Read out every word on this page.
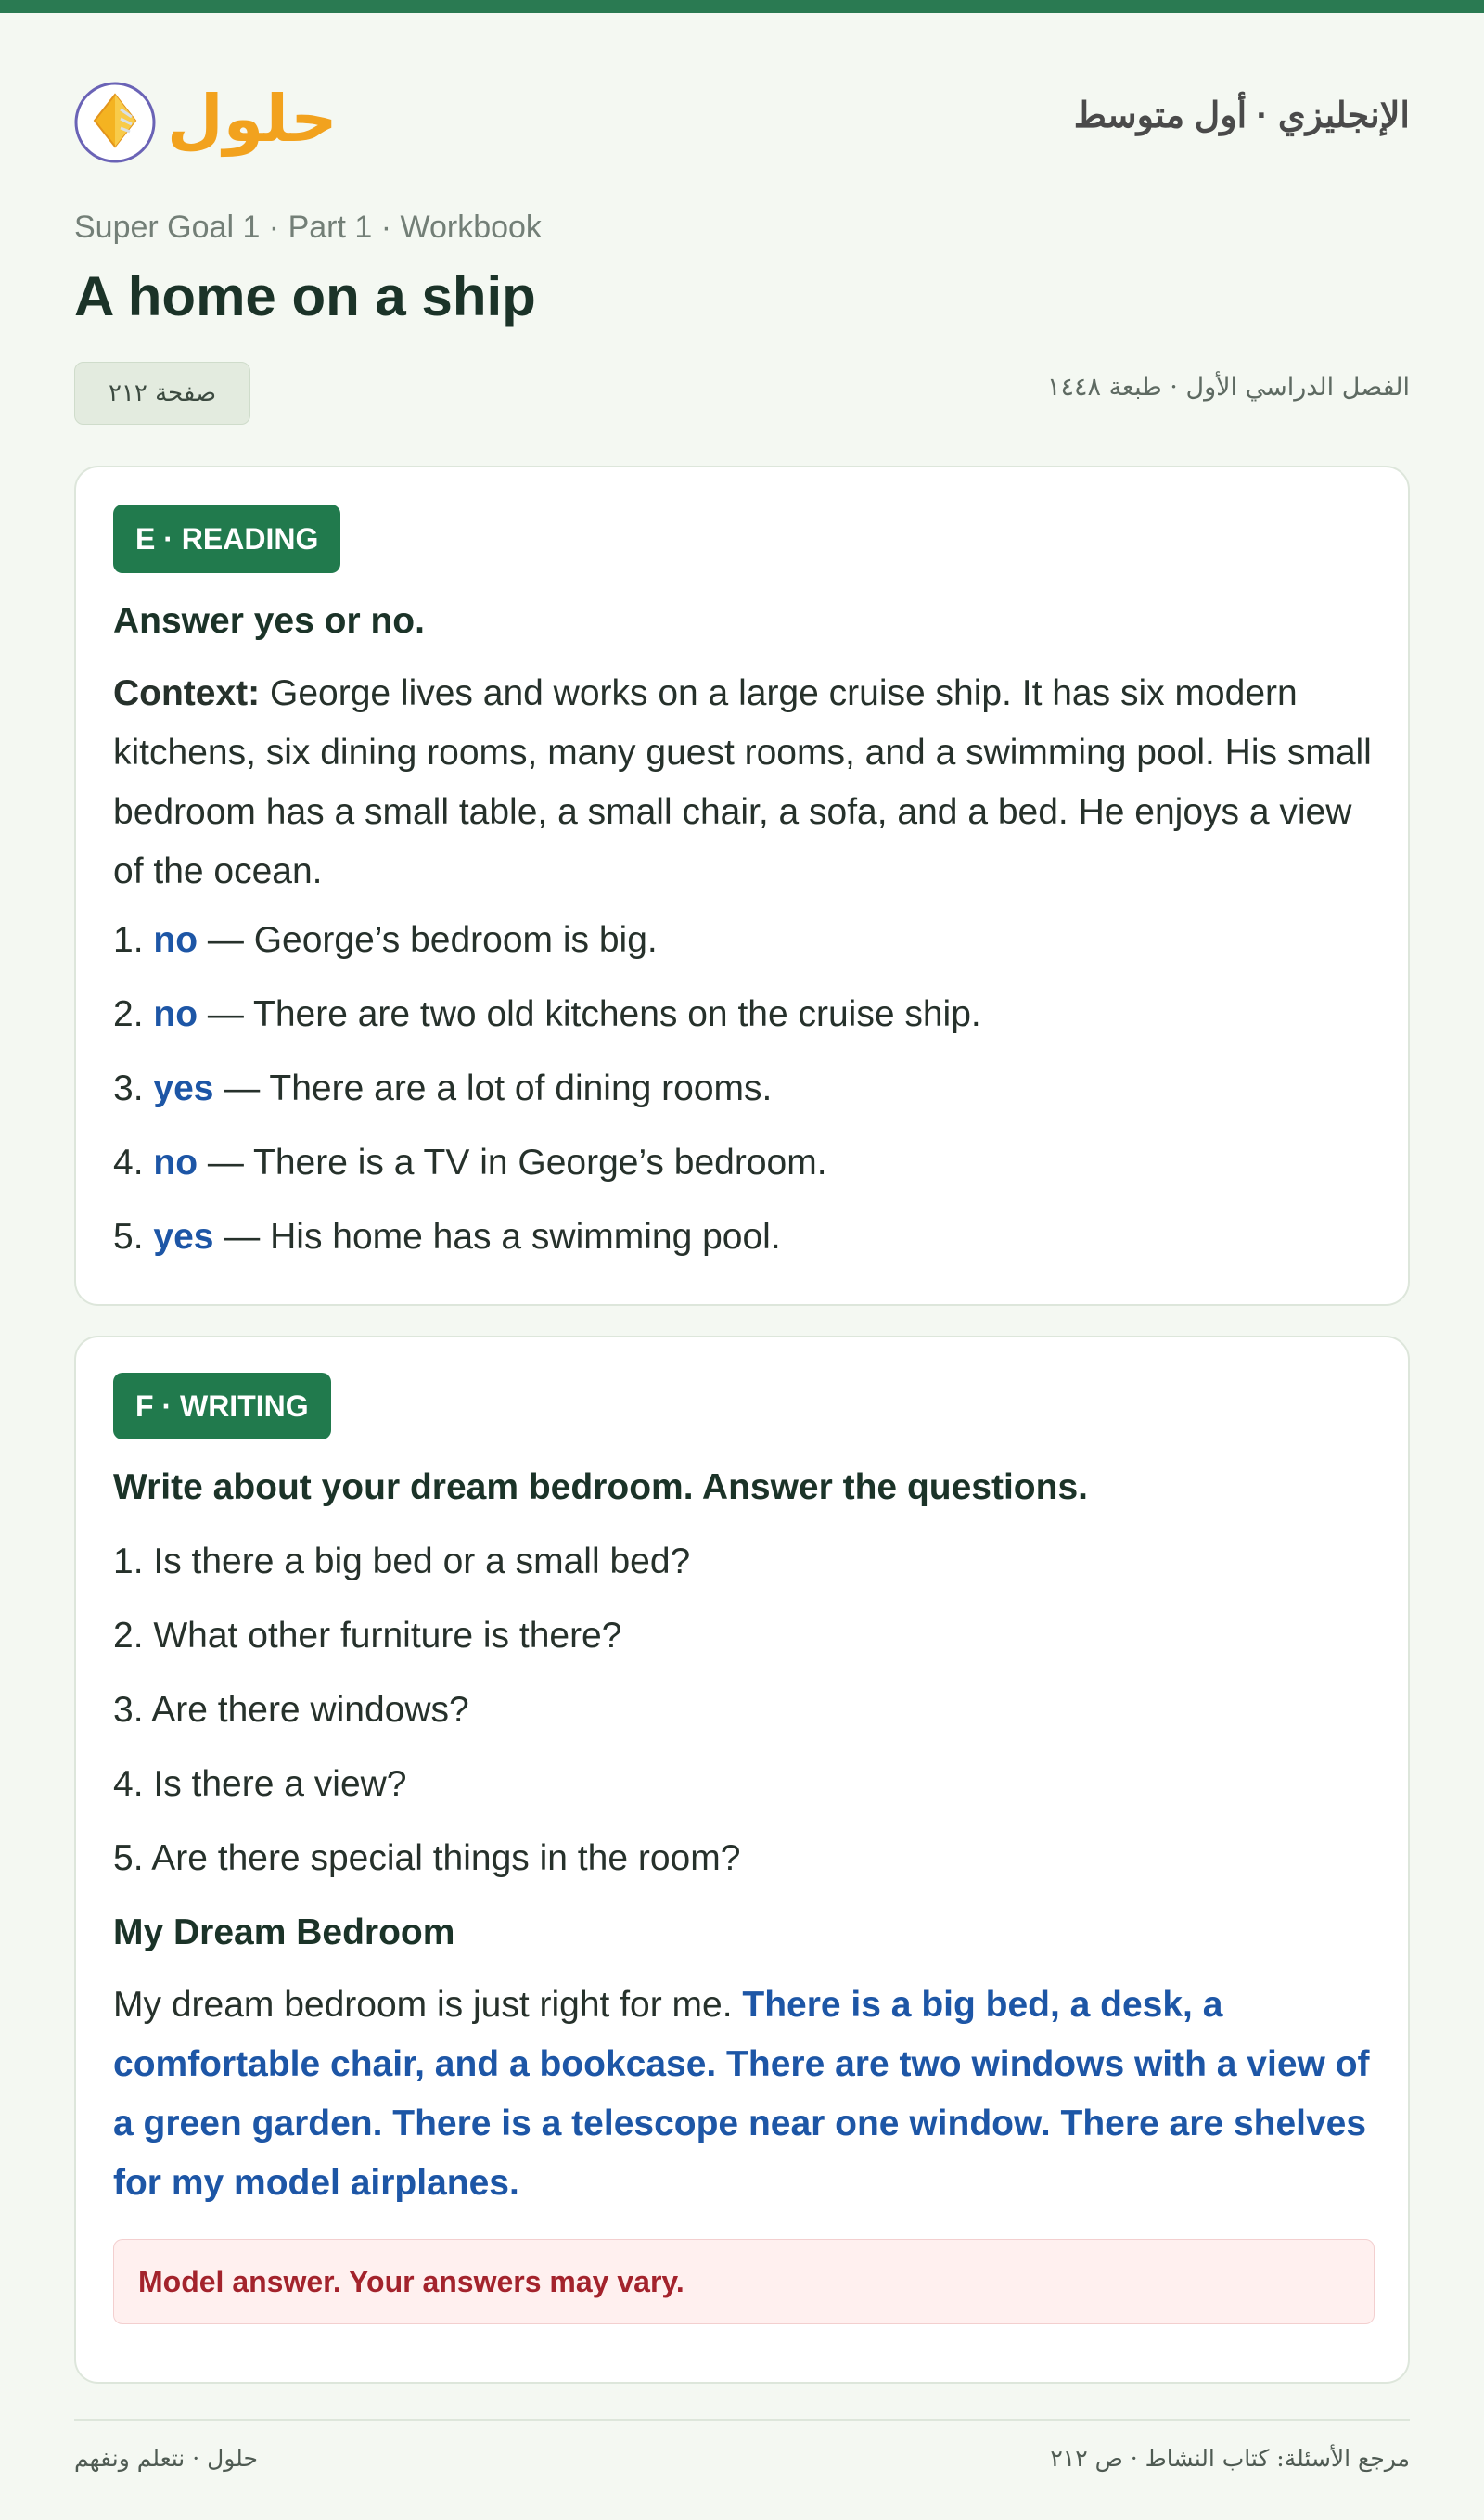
حلول	الإنجليزي · أول متوسط
Super Goal 1 · Part 1 · Workbook
A home on a ship
صفحة ٢١٢	الفصل الدراسي الأول · طبعة ١٤٤٨
E · READING
Answer yes or no.

Context: George lives and works on a large cruise ship. It has six modern kitchens, six dining rooms, many guest rooms, and a swimming pool. His small bedroom has a small table, a small chair, a sofa, and a bed. He enjoys a view of the ocean.

1. no — George’s bedroom is big.
2. no — There are two old kitchens on the cruise ship.
3. yes — There are a lot of dining rooms.
4. no — There is a TV in George’s bedroom.
5. yes — His home has a swimming pool.
F · WRITING
Write about your dream bedroom. Answer the questions.
1. Is there a big bed or a small bed?
2. What other furniture is there?
3. Are there windows?
4. Is there a view?
5. Are there special things in the room?
My Dream Bedroom

My dream bedroom is just right for me. There is a big bed, a desk, a comfortable chair, and a bookcase. There are two windows with a view of a green garden. There is a telescope near one window. There are shelves for my model airplanes.

Model answer. Your answers may vary.
حلول · نتعلم ونفهم	مرجع الأسئلة: كتاب النشاط · ص ٢١٢
